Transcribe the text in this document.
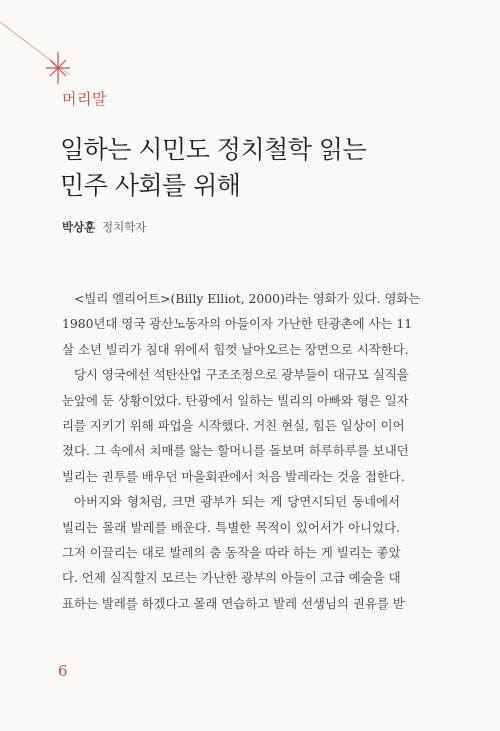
머리말
일하는 시민도 정치철학 읽는
민주 사회를 위해
박상훈 정치학자
<빌리 엘리어트>(Billy Elliot, 2000)라는 영화가 있다. 영화는
1980년대 영국 광산노동자의 아들이자 가난한 탄광촌에 사는 11
살 소년 빌리가 침대 위에서 힘껏 날아오르는 장면으로 시작한다.
당시 영국에선 석탄산업 구조조정으로 광부들이 대규모 실직을
눈앞에 둔 상황이었다. 탄광에서 일하는 빌리의 아빠와 형은 일자
리를 지키기 위해 파업을 시작했다. 거친 현실, 힘든 일상이 이어
졌다. 그 속에서 치매를 앓는 할머니를 돌보며 하루하루를 보내던
빌리는 권투를 배우던 마을회관에서 처음 발레라는 것을 접한다.
아버지와 형처럼, 크면 광부가 되는 게 당연시되던 동네에서
빌리는 몰래 발레를 배운다. 특별한 목적이 있어서가 아니었다.
그저 이끌리는 대로 발레의 춤 동작을 따라 하는 게 빌리는 좋았
다. 언제 실직할지 모르는 가난한 광부의 아들이 고급 예술을 대
표하는 발레를 하겠다고 몰래 연습하고 발레 선생님의 권유를 받
6
